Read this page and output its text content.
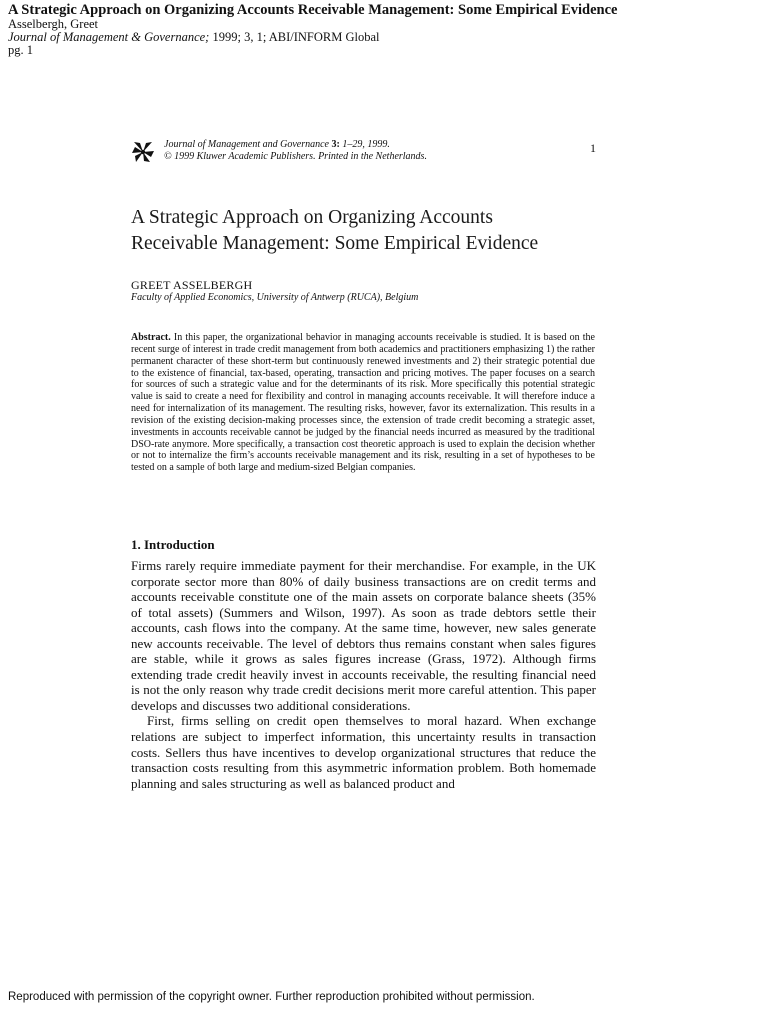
A Strategic Approach on Organizing Accounts Receivable Management: Some Empirical Evidence
Asselbergh, Greet
Journal of Management & Governance; 1999; 3, 1; ABI/INFORM Global
pg. 1
Journal of Management and Governance 3: 1–29, 1999.
© 1999 Kluwer Academic Publishers. Printed in the Netherlands.
1
A Strategic Approach on Organizing Accounts
Receivable Management: Some Empirical Evidence
GREET ASSELBERGH
Faculty of Applied Economics, University of Antwerp (RUCA), Belgium
Abstract. In this paper, the organizational behavior in managing accounts receivable is studied. It is based on the recent surge of interest in trade credit management from both academics and practitioners emphasizing 1) the rather permanent character of these short-term but continuously renewed investments and 2) their strategic potential due to the existence of financial, tax-based, operating, transaction and pricing motives. The paper focuses on a search for sources of such a strategic value and for the determinants of its risk. More specifically this potential strategic value is said to create a need for flexibility and control in managing accounts receivable. It will therefore induce a need for internalization of its management. The resulting risks, however, favor its externalization. This results in a revision of the existing decision-making processes since, the extension of trade credit becoming a strategic asset, investments in accounts receivable cannot be judged by the financial needs incurred as measured by the traditional DSO-rate anymore. More specifically, a transaction cost theoretic approach is used to explain the decision whether or not to internalize the firm’s accounts receivable management and its risk, resulting in a set of hypotheses to be tested on a sample of both large and medium-sized Belgian companies.
1. Introduction

Firms rarely require immediate payment for their merchandise. For example, in the UK corporate sector more than 80% of daily business transactions are on credit terms and accounts receivable constitute one of the main assets on corporate balance sheets (35% of total assets) (Summers and Wilson, 1997). As soon as trade debtors settle their accounts, cash flows into the company. At the same time, however, new sales generate new accounts receivable. The level of debtors thus remains constant when sales figures are stable, while it grows as sales figures increase (Grass, 1972). Although firms extending trade credit heavily invest in accounts receivable, the resulting financial need is not the only reason why trade credit decisions merit more careful attention. This paper develops and discusses two additional considerations.

First, firms selling on credit open themselves to moral hazard. When exchange relations are subject to imperfect information, this uncertainty results in transaction costs. Sellers thus have incentives to develop organizational structures that reduce the transaction costs resulting from this asymmetric information problem. Both homemade planning and sales structuring as well as balanced product and

Reproduced with permission of the copyright owner. Further reproduction prohibited without permission.
